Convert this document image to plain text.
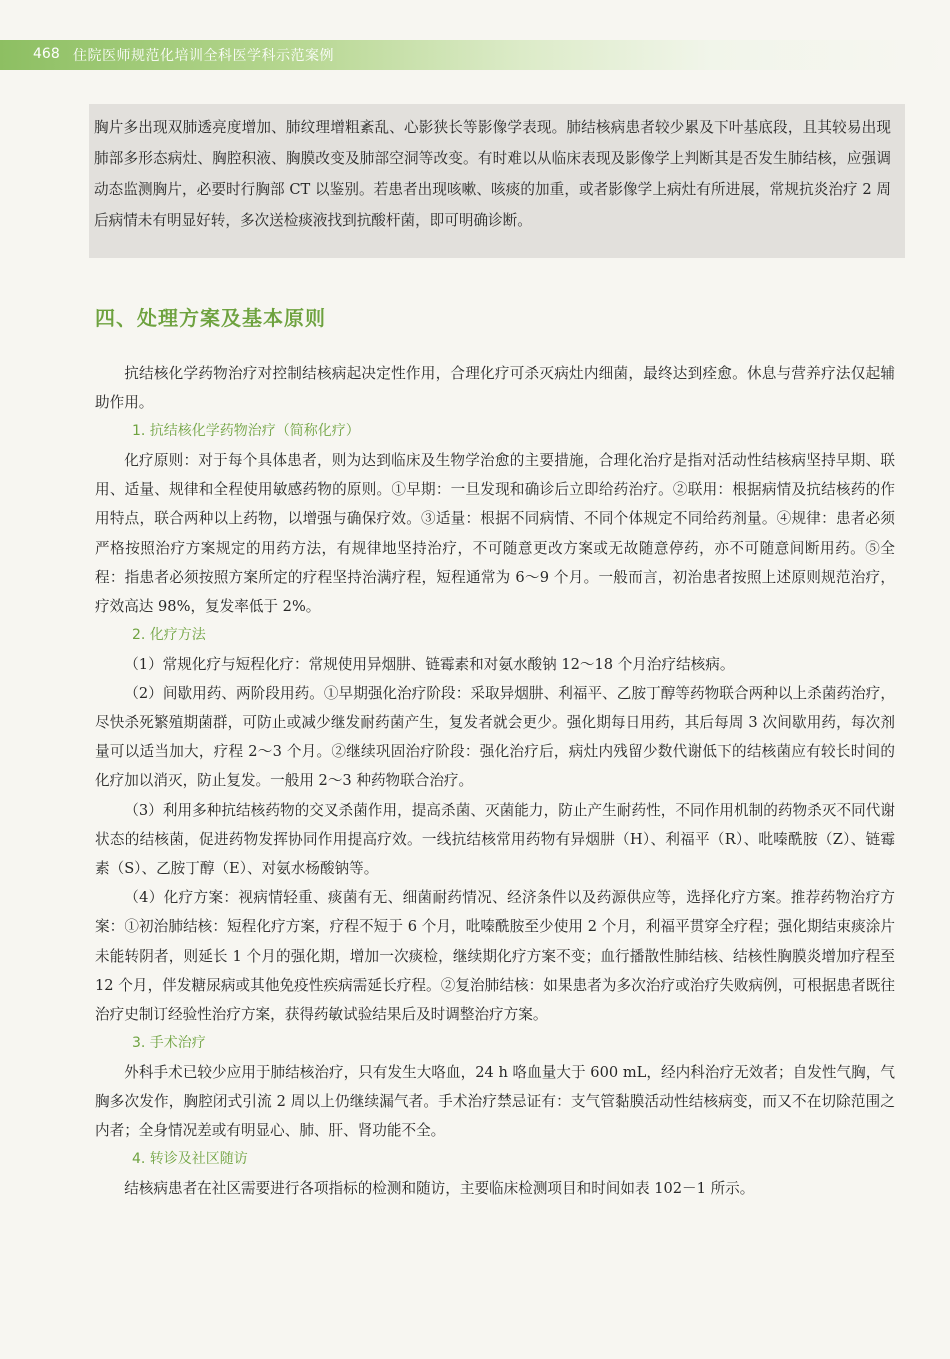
468 住院医师规范化培训全科医学科示范案例

胸片多出现双肺透亮度增加、肺纹理增粗紊乱、心影狭长等影像学表现。肺结核病患者较少累及下叶基底段，且其较易出现肺部多形态病灶、胸腔积液、胸膜改变及肺部空洞等改变。有时难以从临床表现及影像学上判断其是否发生肺结核，应强调动态监测胸片，必要时行胸部 CT 以鉴别。若患者出现咳嗽、咳痰的加重，或者影像学上病灶有所进展，常规抗炎治疗 2 周后病情未有明显好转，多次送检痰液找到抗酸杆菌，即可明确诊断。

四、处理方案及基本原则

抗结核化学药物治疗对控制结核病起决定性作用，合理化疗可杀灭病灶内细菌，最终达到痊愈。休息与营养疗法仅起辅助作用。

1. 抗结核化学药物治疗（简称化疗）

化疗原则：对于每个具体患者，则为达到临床及生物学治愈的主要措施，合理化治疗是指对活动性结核病坚持早期、联用、适量、规律和全程使用敏感药物的原则。①早期：一旦发现和确诊后立即给药治疗。②联用：根据病情及抗结核药的作用特点，联合两种以上药物，以增强与确保疗效。③适量：根据不同病情、不同个体规定不同给药剂量。④规律：患者必须严格按照治疗方案规定的用药方法，有规律地坚持治疗，不可随意更改方案或无故随意停药，亦不可随意间断用药。⑤全程：指患者必须按照方案所定的疗程坚持治满疗程，短程通常为 6～9 个月。一般而言，初治患者按照上述原则规范治疗，疗效高达 98%，复发率低于 2%。

2. 化疗方法

（1）常规化疗与短程化疗：常规使用异烟肼、链霉素和对氨水酸钠 12～18 个月治疗结核病。

（2）间歇用药、两阶段用药。①早期强化治疗阶段：采取异烟肼、利福平、乙胺丁醇等药物联合两种以上杀菌药治疗，尽快杀死繁殖期菌群，可防止或减少继发耐药菌产生，复发者就会更少。强化期每日用药，其后每周 3 次间歇用药，每次剂量可以适当加大，疗程 2～3 个月。②继续巩固治疗阶段：强化治疗后，病灶内残留少数代谢低下的结核菌应有较长时间的化疗加以消灭，防止复发。一般用 2～3 种药物联合治疗。

（3）利用多种抗结核药物的交叉杀菌作用，提高杀菌、灭菌能力，防止产生耐药性，不同作用机制的药物杀灭不同代谢状态的结核菌，促进药物发挥协同作用提高疗效。一线抗结核常用药物有异烟肼（H）、利福平（R）、吡嗪酰胺（Z）、链霉素（S）、乙胺丁醇（E）、对氨水杨酸钠等。

（4）化疗方案：视病情轻重、痰菌有无、细菌耐药情况、经济条件以及药源供应等，选择化疗方案。推荐药物治疗方案：①初治肺结核：短程化疗方案，疗程不短于 6 个月，吡嗪酰胺至少使用 2 个月，利福平贯穿全疗程；强化期结束痰涂片未能转阴者，则延长 1 个月的强化期，增加一次痰检，继续期化疗方案不变；血行播散性肺结核、结核性胸膜炎增加疗程至 12 个月，伴发糖尿病或其他免疫性疾病需延长疗程。②复治肺结核：如果患者为多次治疗或治疗失败病例，可根据患者既往治疗史制订经验性治疗方案，获得药敏试验结果后及时调整治疗方案。

3. 手术治疗

外科手术已较少应用于肺结核治疗，只有发生大咯血，24 h 咯血量大于 600 mL，经内科治疗无效者；自发性气胸，气胸多次发作，胸腔闭式引流 2 周以上仍继续漏气者。手术治疗禁忌证有：支气管黏膜活动性结核病变，而又不在切除范围之内者；全身情况差或有明显心、肺、肝、肾功能不全。

4. 转诊及社区随访

结核病患者在社区需要进行各项指标的检测和随访，主要临床检测项目和时间如表 102－1 所示。
